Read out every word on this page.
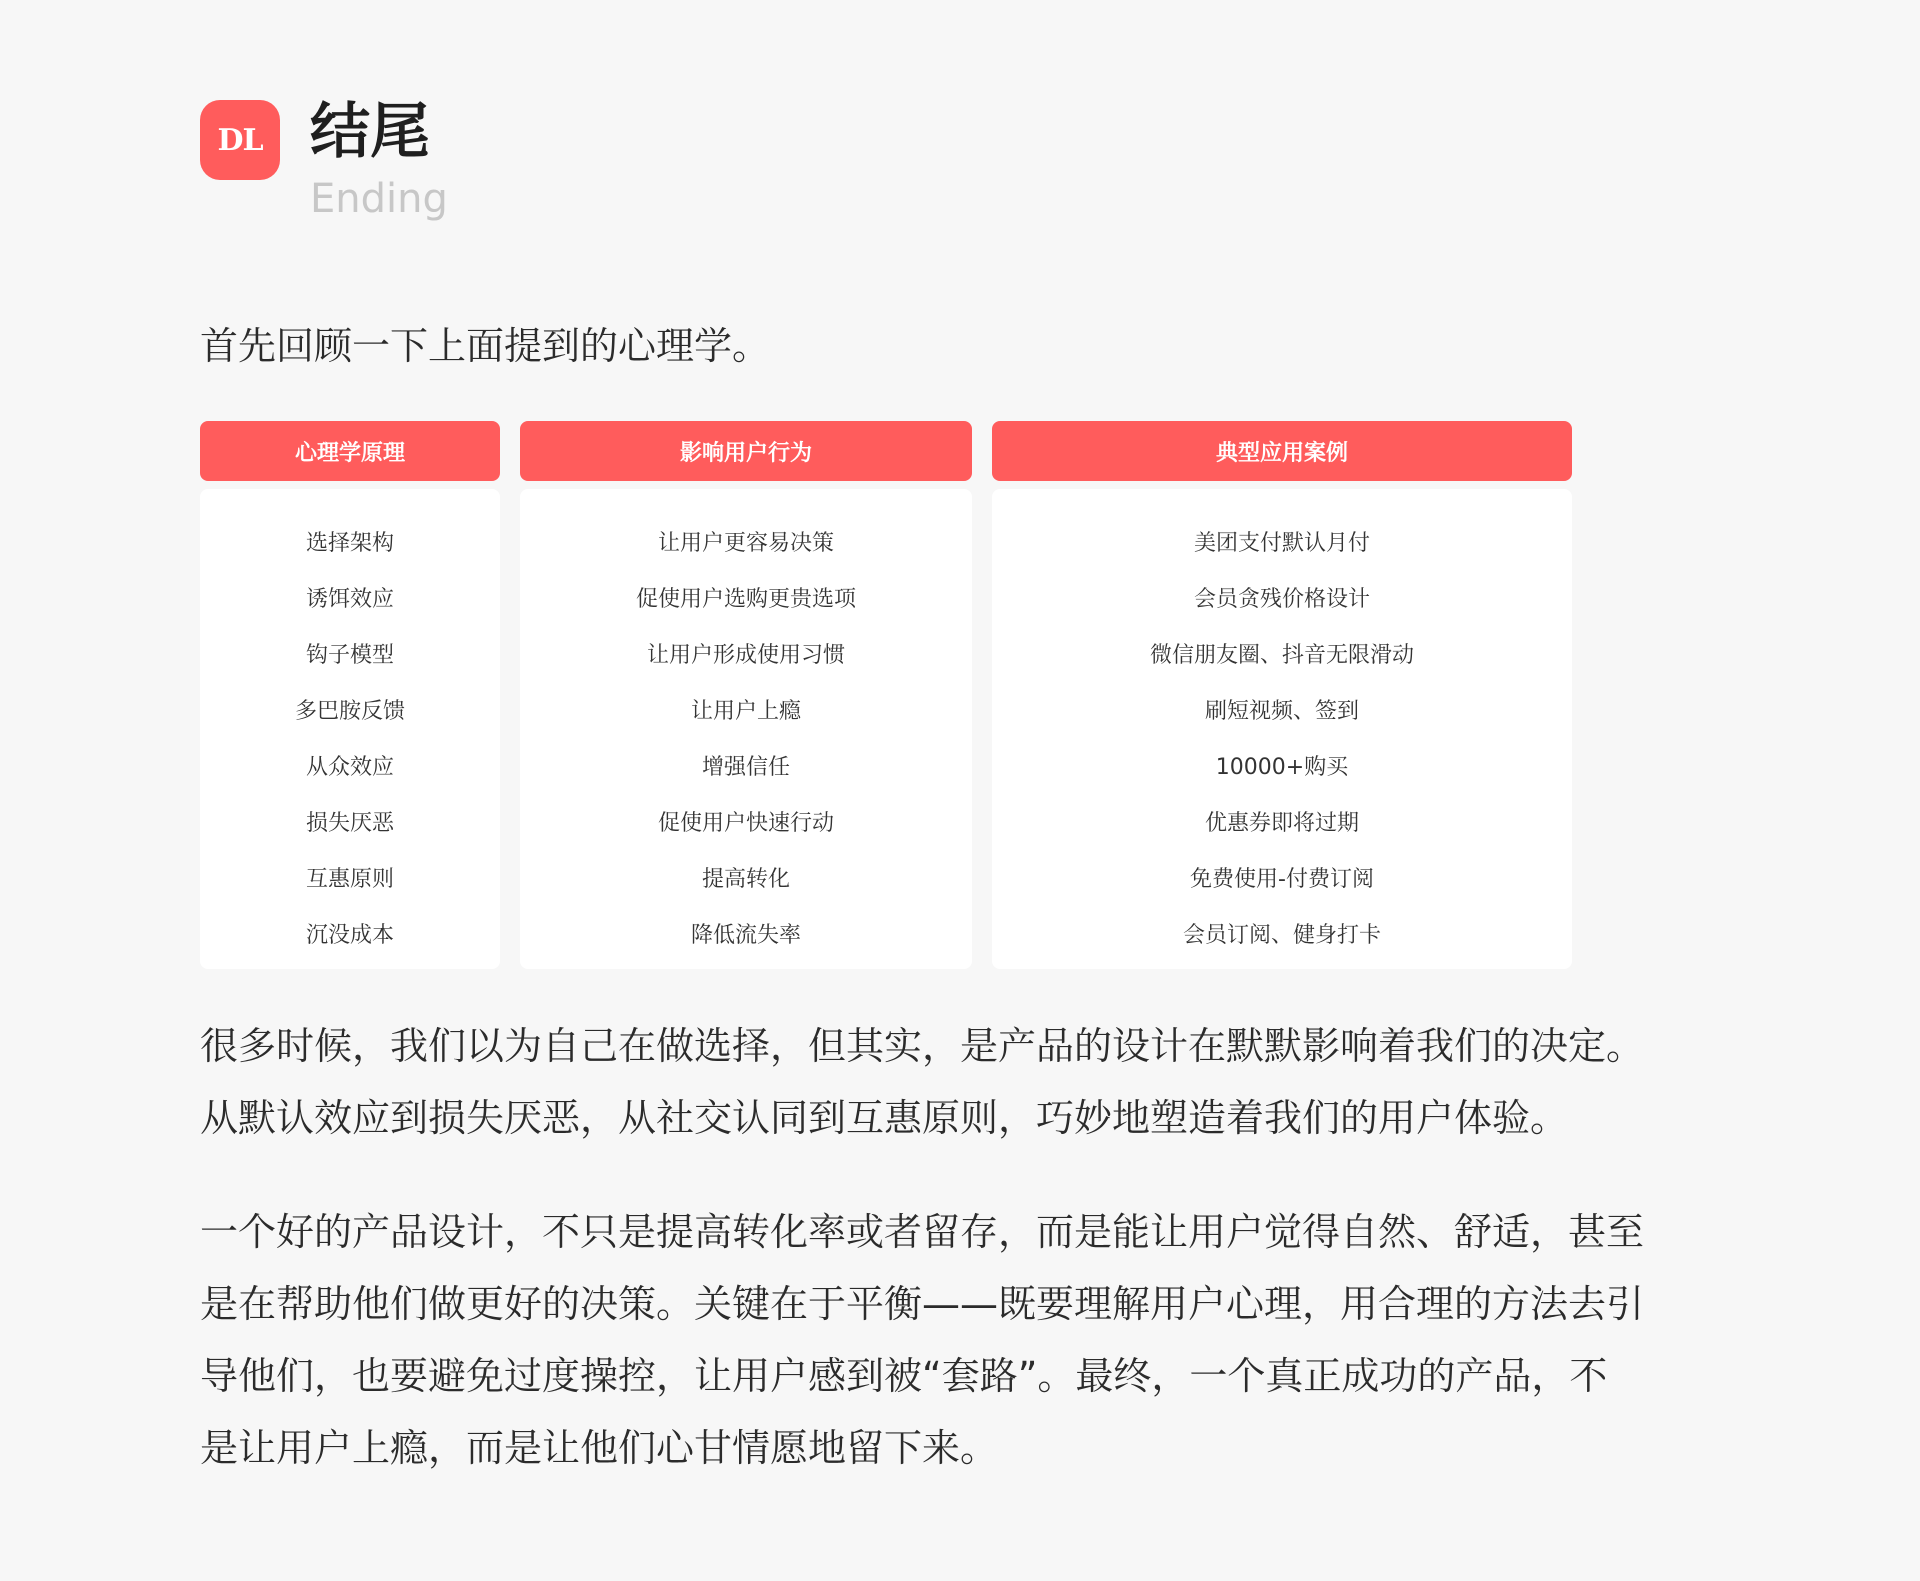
DL 结尾
Ending
首先回顾一下上面提到的心理学。
心理学原理
选择架构
诱饵效应
钩子模型
多巴胺反馈
从众效应
损失厌恶
互惠原则
沉没成本
影响用户行为
让用户更容易决策
促使用户选购更贵选项
让用户形成使用习惯
让用户上瘾
增强信任
促使用户快速行动
提高转化
降低流失率
典型应用案例
美团支付默认月付
会员贪残价格设计
微信朋友圈、抖音无限滑动
刷短视频、签到
10000+购买
优惠券即将过期
免费使用-付费订阅
会员订阅、健身打卡
很多时候，我们以为自己在做选择，但其实，是产品的设计在默默影响着我们的决定。
从默认效应到损失厌恶，从社交认同到互惠原则，巧妙地塑造着我们的用户体验。
一个好的产品设计，不只是提高转化率或者留存，而是能让用户觉得自然、舒适，甚至
是在帮助他们做更好的决策。关键在于平衡——既要理解用户心理，用合理的方法去引
导他们，也要避免过度操控，让用户感到被“套路”。最终，一个真正成功的产品，不
是让用户上瘾，而是让他们心甘情愿地留下来。
